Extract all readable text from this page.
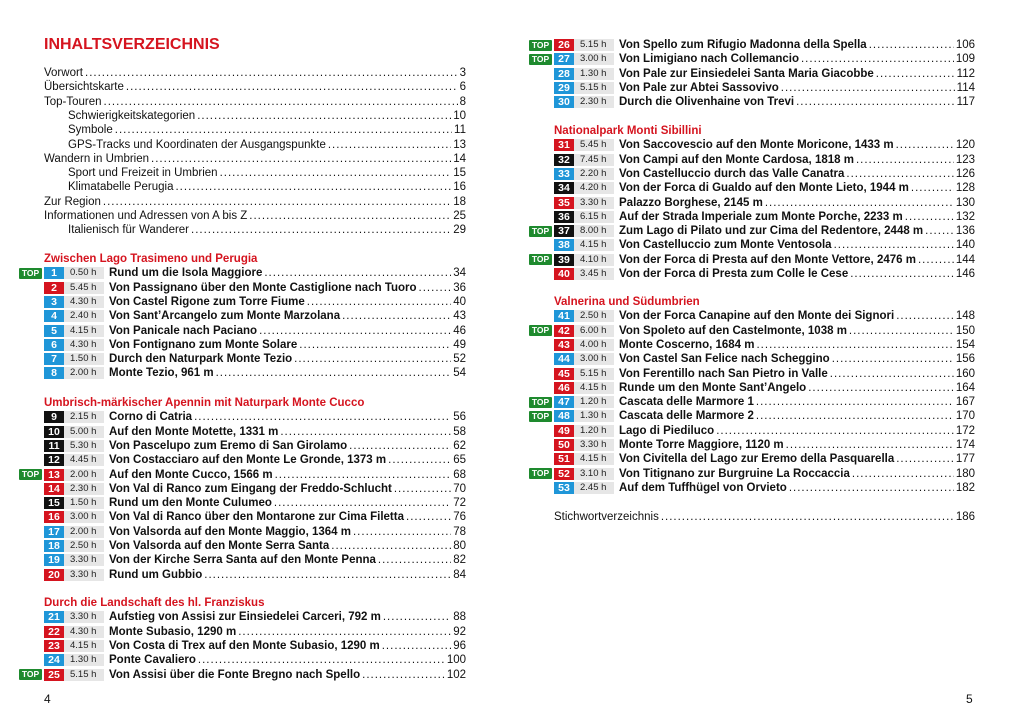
INHALTSVERZEICHNIS
Vorwort .....	3
Übersichtskarte .....	6
Top-Touren .....	8
Schwierigkeitskategorien .....	10
Symbole .....	11
GPS-Tracks und Koordinaten der Ausgangspunkte .....	13
Wandern in Umbrien .....	14
Sport und Freizeit in Umbrien .....	15
Klimatabelle Perugia .....	16
Zur Region .....	18
Informationen und Adressen von A bis Z .....	25
Italienisch für Wanderer .....	29
Zwischen Lago Trasimeno und Perugia
1	0.50 h	Rund um die Isola Maggiore .....	34
2	5.45 h	Von Passignano über den Monte Castiglione nach Tuoro .....	36
3	4.30 h	Von Castel Rigone zum Torre Fiume .....	40
4	2.40 h	Von Sant’Arcangelo zum Monte Marzolana .....	43
5	4.15 h	Von Panicale nach Paciano .....	46
6	4.30 h	Von Fontignano zum Monte Solare .....	49
7	1.50 h	Durch den Naturpark Monte Tezio .....	52
8	2.00 h	Monte Tezio, 961 m .....	54
Umbrisch-märkischer Apennin mit Naturpark Monte Cucco
9	2.15 h	Corno di Catria .....	56
10	5.00 h	Auf den Monte Motette, 1331 m .....	58
11	5.30 h	Von Pascelupo zum Eremo di San Girolamo .....	62
12	4.45 h	Von Costacciaro auf den Monte Le Gronde, 1373 m .....	65
13	2.00 h	Auf den Monte Cucco, 1566 m .....	68
14	2.30 h	Von Val di Ranco zum Eingang der Freddo-Schlucht .....	70
15	1.50 h	Rund um den Monte Culumeo .....	72
16	3.00 h	Von Val di Ranco über den Montarone zur Cima Filetta .....	76
17	2.00 h	Von Valsorda auf den Monte Maggio, 1364 m .....	78
18	2.50 h	Von Valsorda auf den Monte Serra Santa .....	80
19	3.30 h	Von der Kirche Serra Santa auf den Monte Penna .....	82
20	3.30 h	Rund um Gubbio .....	84
Durch die Landschaft des hl. Franziskus
21	3.30 h	Aufstieg von Assisi zur Einsiedelei Carceri, 792 m .....	88
22	4.30 h	Monte Subasio, 1290 m .....	92
23	4.15 h	Von Costa di Trex auf den Monte Subasio, 1290 m .....	96
24	1.30 h	Ponte Cavaliero .....	100
25	5.15 h	Von Assisi über die Fonte Bregno nach Spello .....	102
26	5.15 h	Von Spello zum Rifugio Madonna della Spella .....	106
27	3.00 h	Von Limigiano nach Collemancio .....	109
28	1.30 h	Von Pale zur Einsiedelei Santa Maria Giacobbe .....	112
29	5.15 h	Von Pale zur Abtei Sassovivo .....	114
30	2.30 h	Durch die Olivenhaine von Trevi .....	117
Nationalpark Monti Sibillini
31	5.45 h	Von Saccovescio auf den Monte Moricone, 1433 m .....	120
32	7.45 h	Von Campi auf den Monte Cardosa, 1818 m .....	123
33	2.20 h	Von Castelluccio durch das Valle Canatra .....	126
34	4.20 h	Von der Forca di Gualdo auf den Monte Lieto, 1944 m .....	128
35	3.30 h	Palazzo Borghese, 2145 m .....	130
36	6.15 h	Auf der Strada Imperiale zum Monte Porche, 2233 m .....	132
37	8.00 h	Zum Lago di Pilato und zur Cima del Redentore, 2448 m .....	136
38	4.15 h	Von Castelluccio zum Monte Ventosola .....	140
39	4.10 h	Von der Forca di Presta auf den Monte Vettore, 2476 m .....	144
40	3.45 h	Von der Forca di Presta zum Colle le Cese .....	146
Valnerina und Südumbrien
41	2.50 h	Von der Forca Canapine auf den Monte dei Signori .....	148
42	6.00 h	Von Spoleto auf den Castelmonte, 1038 m .....	150
43	4.00 h	Monte Coscerno, 1684 m .....	154
44	3.00 h	Von Castel San Felice nach Scheggino .....	156
45	5.15 h	Von Ferentillo nach San Pietro in Valle .....	160
46	4.15 h	Runde um den Monte Sant’Angelo .....	164
47	1.20 h	Cascata delle Marmore 1 .....	167
48	1.30 h	Cascata delle Marmore 2 .....	170
49	1.20 h	Lago di Piediluco .....	172
50	3.30 h	Monte Torre Maggiore, 1120 m .....	174
51	4.15 h	Von Civitella del Lago zur Eremo della Pasquarella .....	177
52	3.10 h	Von Titignano zur Burgruine La Roccaccia .....	180
53	2.45 h	Auf dem Tuffhügel von Orvieto .....	182
Stichwortverzeichnis .....	186
4	5
TOP
TOP
TOP
TOP
TOP
TOP
TOP
TOP
TOP
TOP
TOP
